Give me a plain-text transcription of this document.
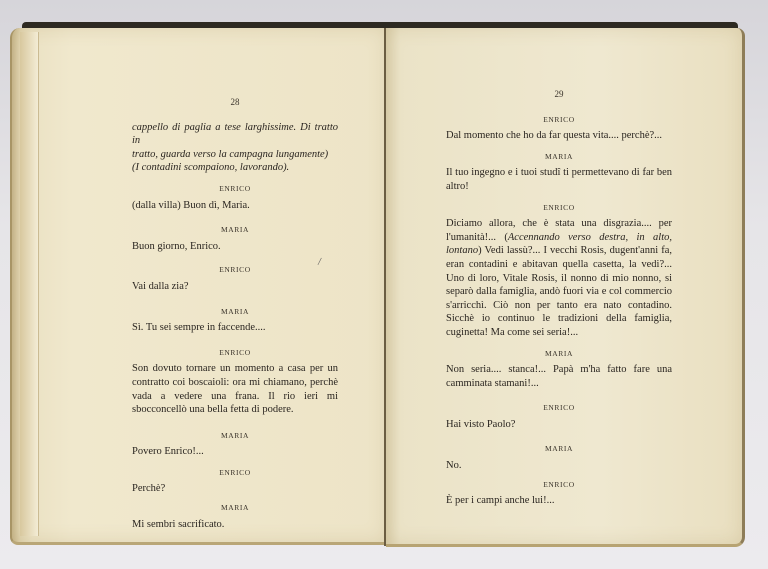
28
cappello di paglia a tese larghissime. Di tratto in
tratto, guarda verso la campagna lungamente)
(I contadini scompaiono, lavorando).
ENRICO
(dalla villa) Buon dì, Maria.
MARIA
Buon giorno, Enrico.
ENRICO
Vai dalla zia?
MARIA
Sì. Tu sei sempre in faccende....
ENRICO
Son dovuto tornare un momento a casa per un contratto coi boscaioli: ora mi chiamano, perchè vada a vedere una frana. Il rio ieri mi sbocconcellò una bella fetta di podere.
MARIA
Povero Enrico!...
ENRICO
Perchè?
MARIA
Mi sembri sacrificato.
/
29
ENRICO
Dal momento che ho da far questa vita.... perchè?...
MARIA
Il tuo ingegno e i tuoi studî ti permettevano di far ben altro!
ENRICO
Diciamo allora, che è stata una disgrazia.... per l'umanità!... (Accennando verso destra, in alto, lontano) Vedi lassù?... I vecchi Rosis, dugent'anni fa, eran contadini e abitavan quella casetta, la vedi?... Uno di loro, Vitale Rosis, il nonno di mio nonno, si separò dalla famiglia, andò fuori via e col commercio s'arricchì. Ciò non per tanto era nato contadino. Sicchè io continuo le tradizioni della famiglia, cuginetta! Ma come sei seria!...
MARIA
Non seria.... stanca!... Papà m'ha fatto fare una camminata stamani!...
ENRICO
Hai visto Paolo?
MARIA
No.
ENRICO
È per i campi anche lui!...
